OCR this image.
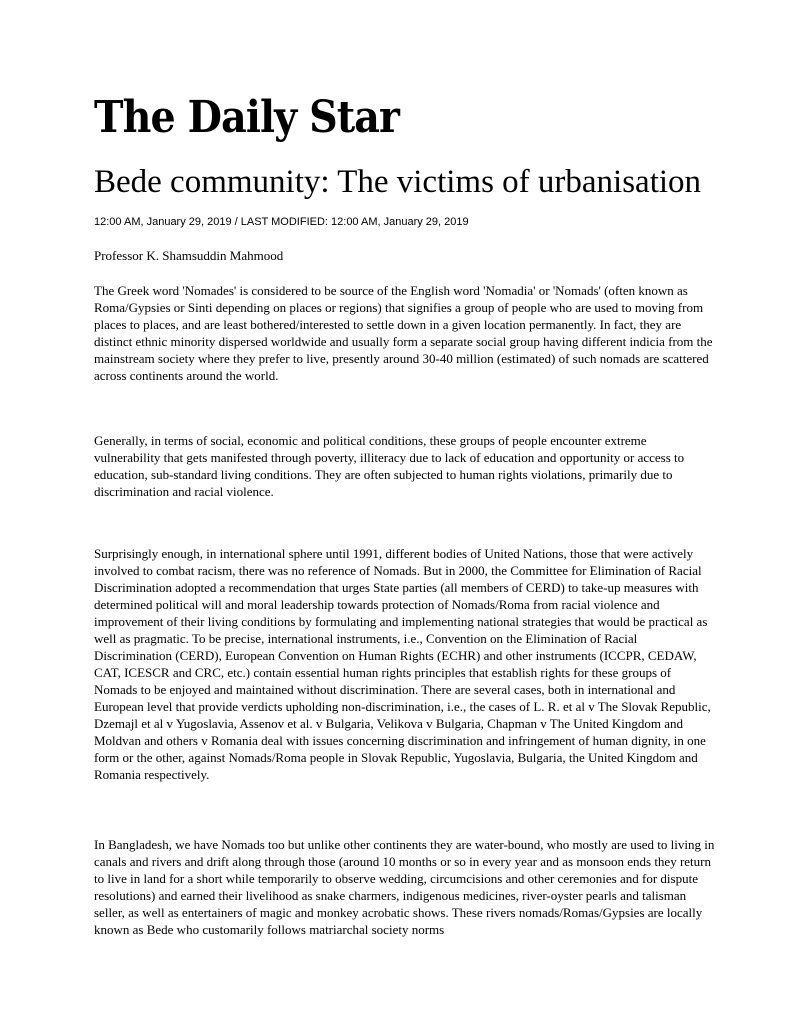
The Daily Star
Bede community: The victims of urbanisation
12:00 AM, January 29, 2019 / LAST MODIFIED: 12:00 AM, January 29, 2019
Professor K. Shamsuddin Mahmood

The Greek word 'Nomades' is considered to be source of the English word 'Nomadia' or 'Nomads' (often known as Roma/Gypsies or Sinti depending on places or regions) that signifies a group of people who are used to moving from places to places, and are least bothered/interested to settle down in a given location permanently. In fact, they are distinct ethnic minority dispersed worldwide and usually form a separate social group having different indicia from the mainstream society where they prefer to live, presently around 30-40 million (estimated) of such nomads are scattered across continents around the world.

Generally, in terms of social, economic and political conditions, these groups of people encounter extreme vulnerability that gets manifested through poverty, illiteracy due to lack of education and opportunity or access to education, sub-standard living conditions. They are often subjected to human rights violations, primarily due to discrimination and racial violence.

Surprisingly enough, in international sphere until 1991, different bodies of United Nations, those that were actively involved to combat racism, there was no reference of Nomads. But in 2000, the Committee for Elimination of Racial Discrimination adopted a recommendation that urges State parties (all members of CERD) to take-up measures with determined political will and moral leadership towards protection of Nomads/Roma from racial violence and improvement of their living conditions by formulating and implementing national strategies that would be practical as well as pragmatic. To be precise, international instruments, i.e., Convention on the Elimination of Racial Discrimination (CERD), European Convention on Human Rights (ECHR) and other instruments (ICCPR, CEDAW, CAT, ICESCR and CRC, etc.) contain essential human rights principles that establish rights for these groups of Nomads to be enjoyed and maintained without discrimination. There are several cases, both in international and European level that provide verdicts upholding non-discrimination, i.e., the cases of L. R. et al v The Slovak Republic, Dzemajl et al v Yugoslavia, Assenov et al. v Bulgaria, Velikova v Bulgaria, Chapman v The United Kingdom and Moldvan and others v Romania deal with issues concerning discrimination and infringement of human dignity, in one form or the other, against Nomads/Roma people in Slovak Republic, Yugoslavia, Bulgaria, the United Kingdom and Romania respectively.

In Bangladesh, we have Nomads too but unlike other continents they are water-bound, who mostly are used to living in canals and rivers and drift along through those (around 10 months or so in every year and as monsoon ends they return to live in land for a short while temporarily to observe wedding, circumcisions and other ceremonies and for dispute resolutions) and earned their livelihood as snake charmers, indigenous medicines, river-oyster pearls and talisman seller, as well as entertainers of magic and monkey acrobatic shows. These rivers nomads/Romas/Gypsies are locally known as Bede who customarily follows matriarchal society norms
